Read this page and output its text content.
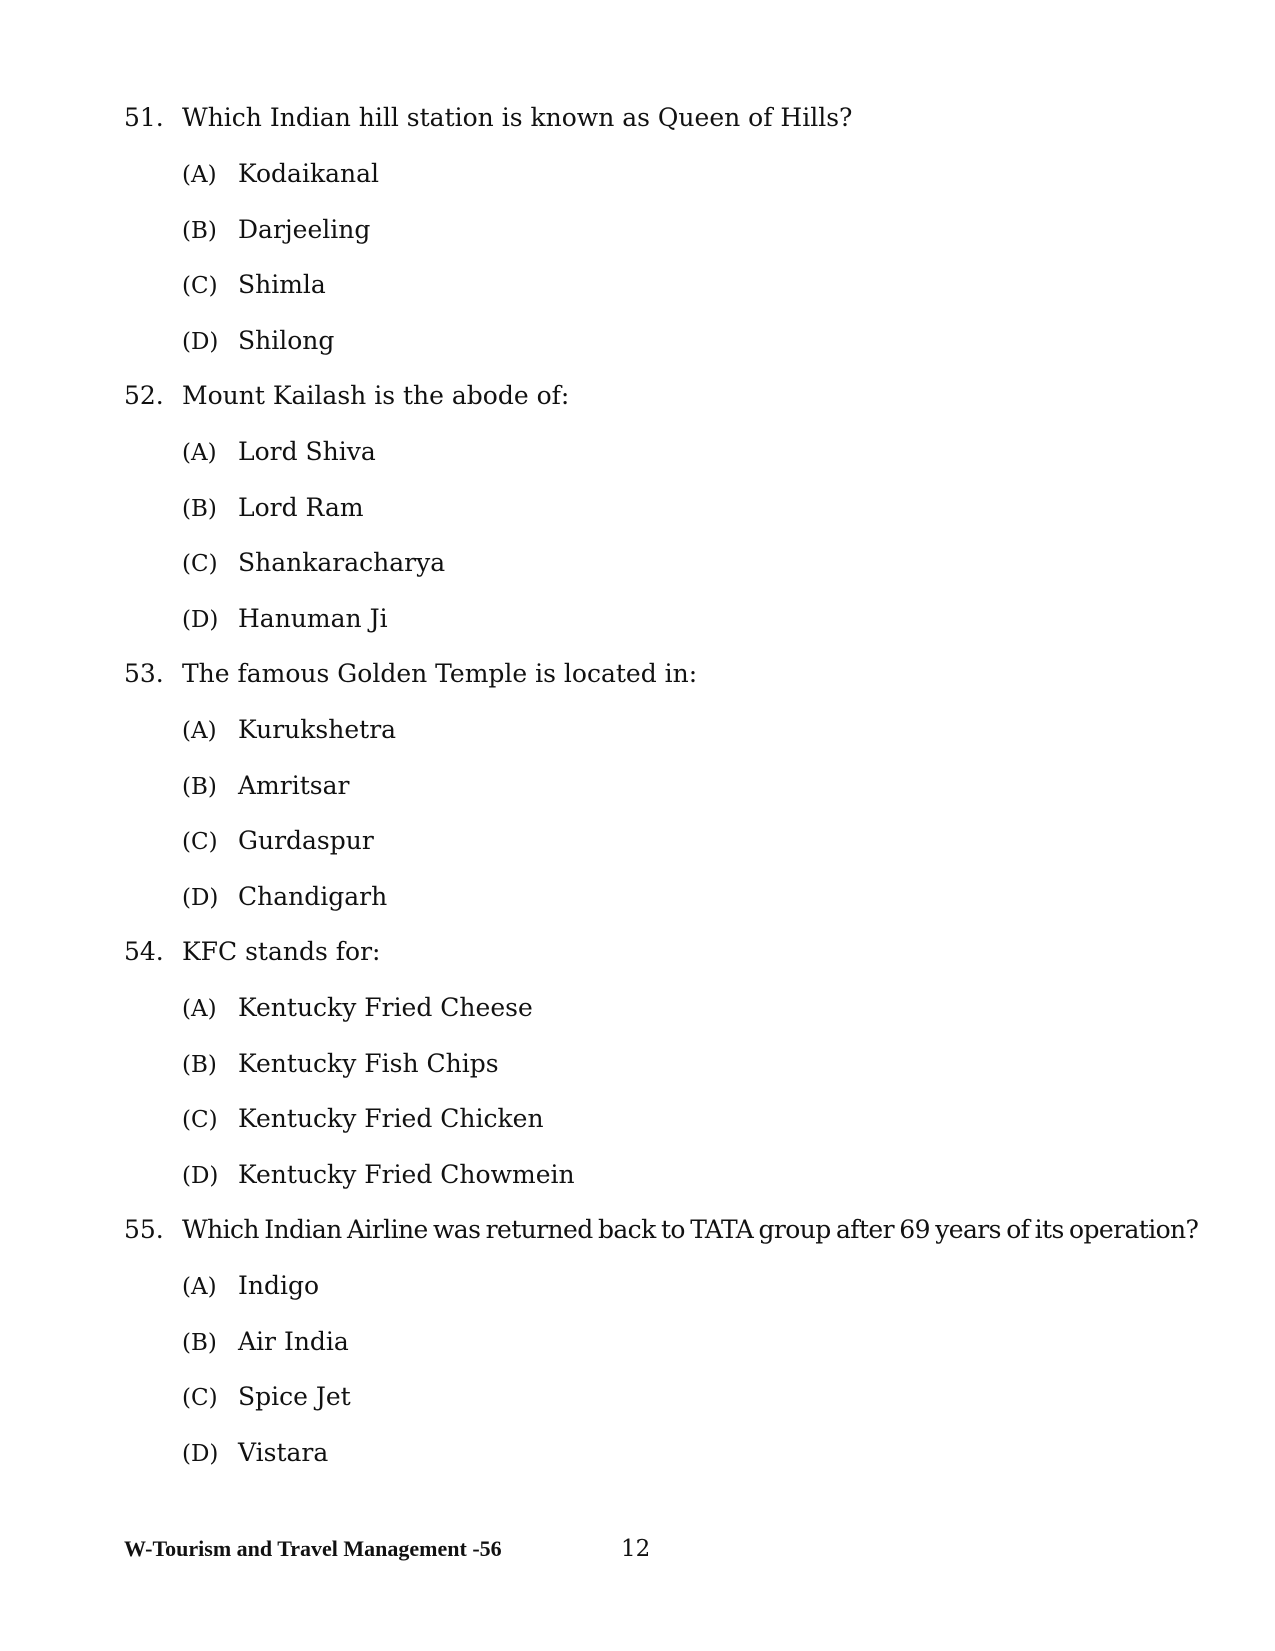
51. Which Indian hill station is known as Queen of Hills?
(A) Kodaikanal
(B) Darjeeling
(C) Shimla
(D) Shilong
52. Mount Kailash is the abode of:
(A) Lord Shiva
(B) Lord Ram
(C) Shankaracharya
(D) Hanuman Ji
53. The famous Golden Temple is located in:
(A) Kurukshetra
(B) Amritsar
(C) Gurdaspur
(D) Chandigarh
54. KFC stands for:
(A) Kentucky Fried Cheese
(B) Kentucky Fish Chips
(C) Kentucky Fried Chicken
(D) Kentucky Fried Chowmein
55. Which Indian Airline was returned back to TATA group after 69 years of its operation?
(A) Indigo
(B) Air India
(C) Spice Jet
(D) Vistara
W-Tourism and Travel Management -56	12
